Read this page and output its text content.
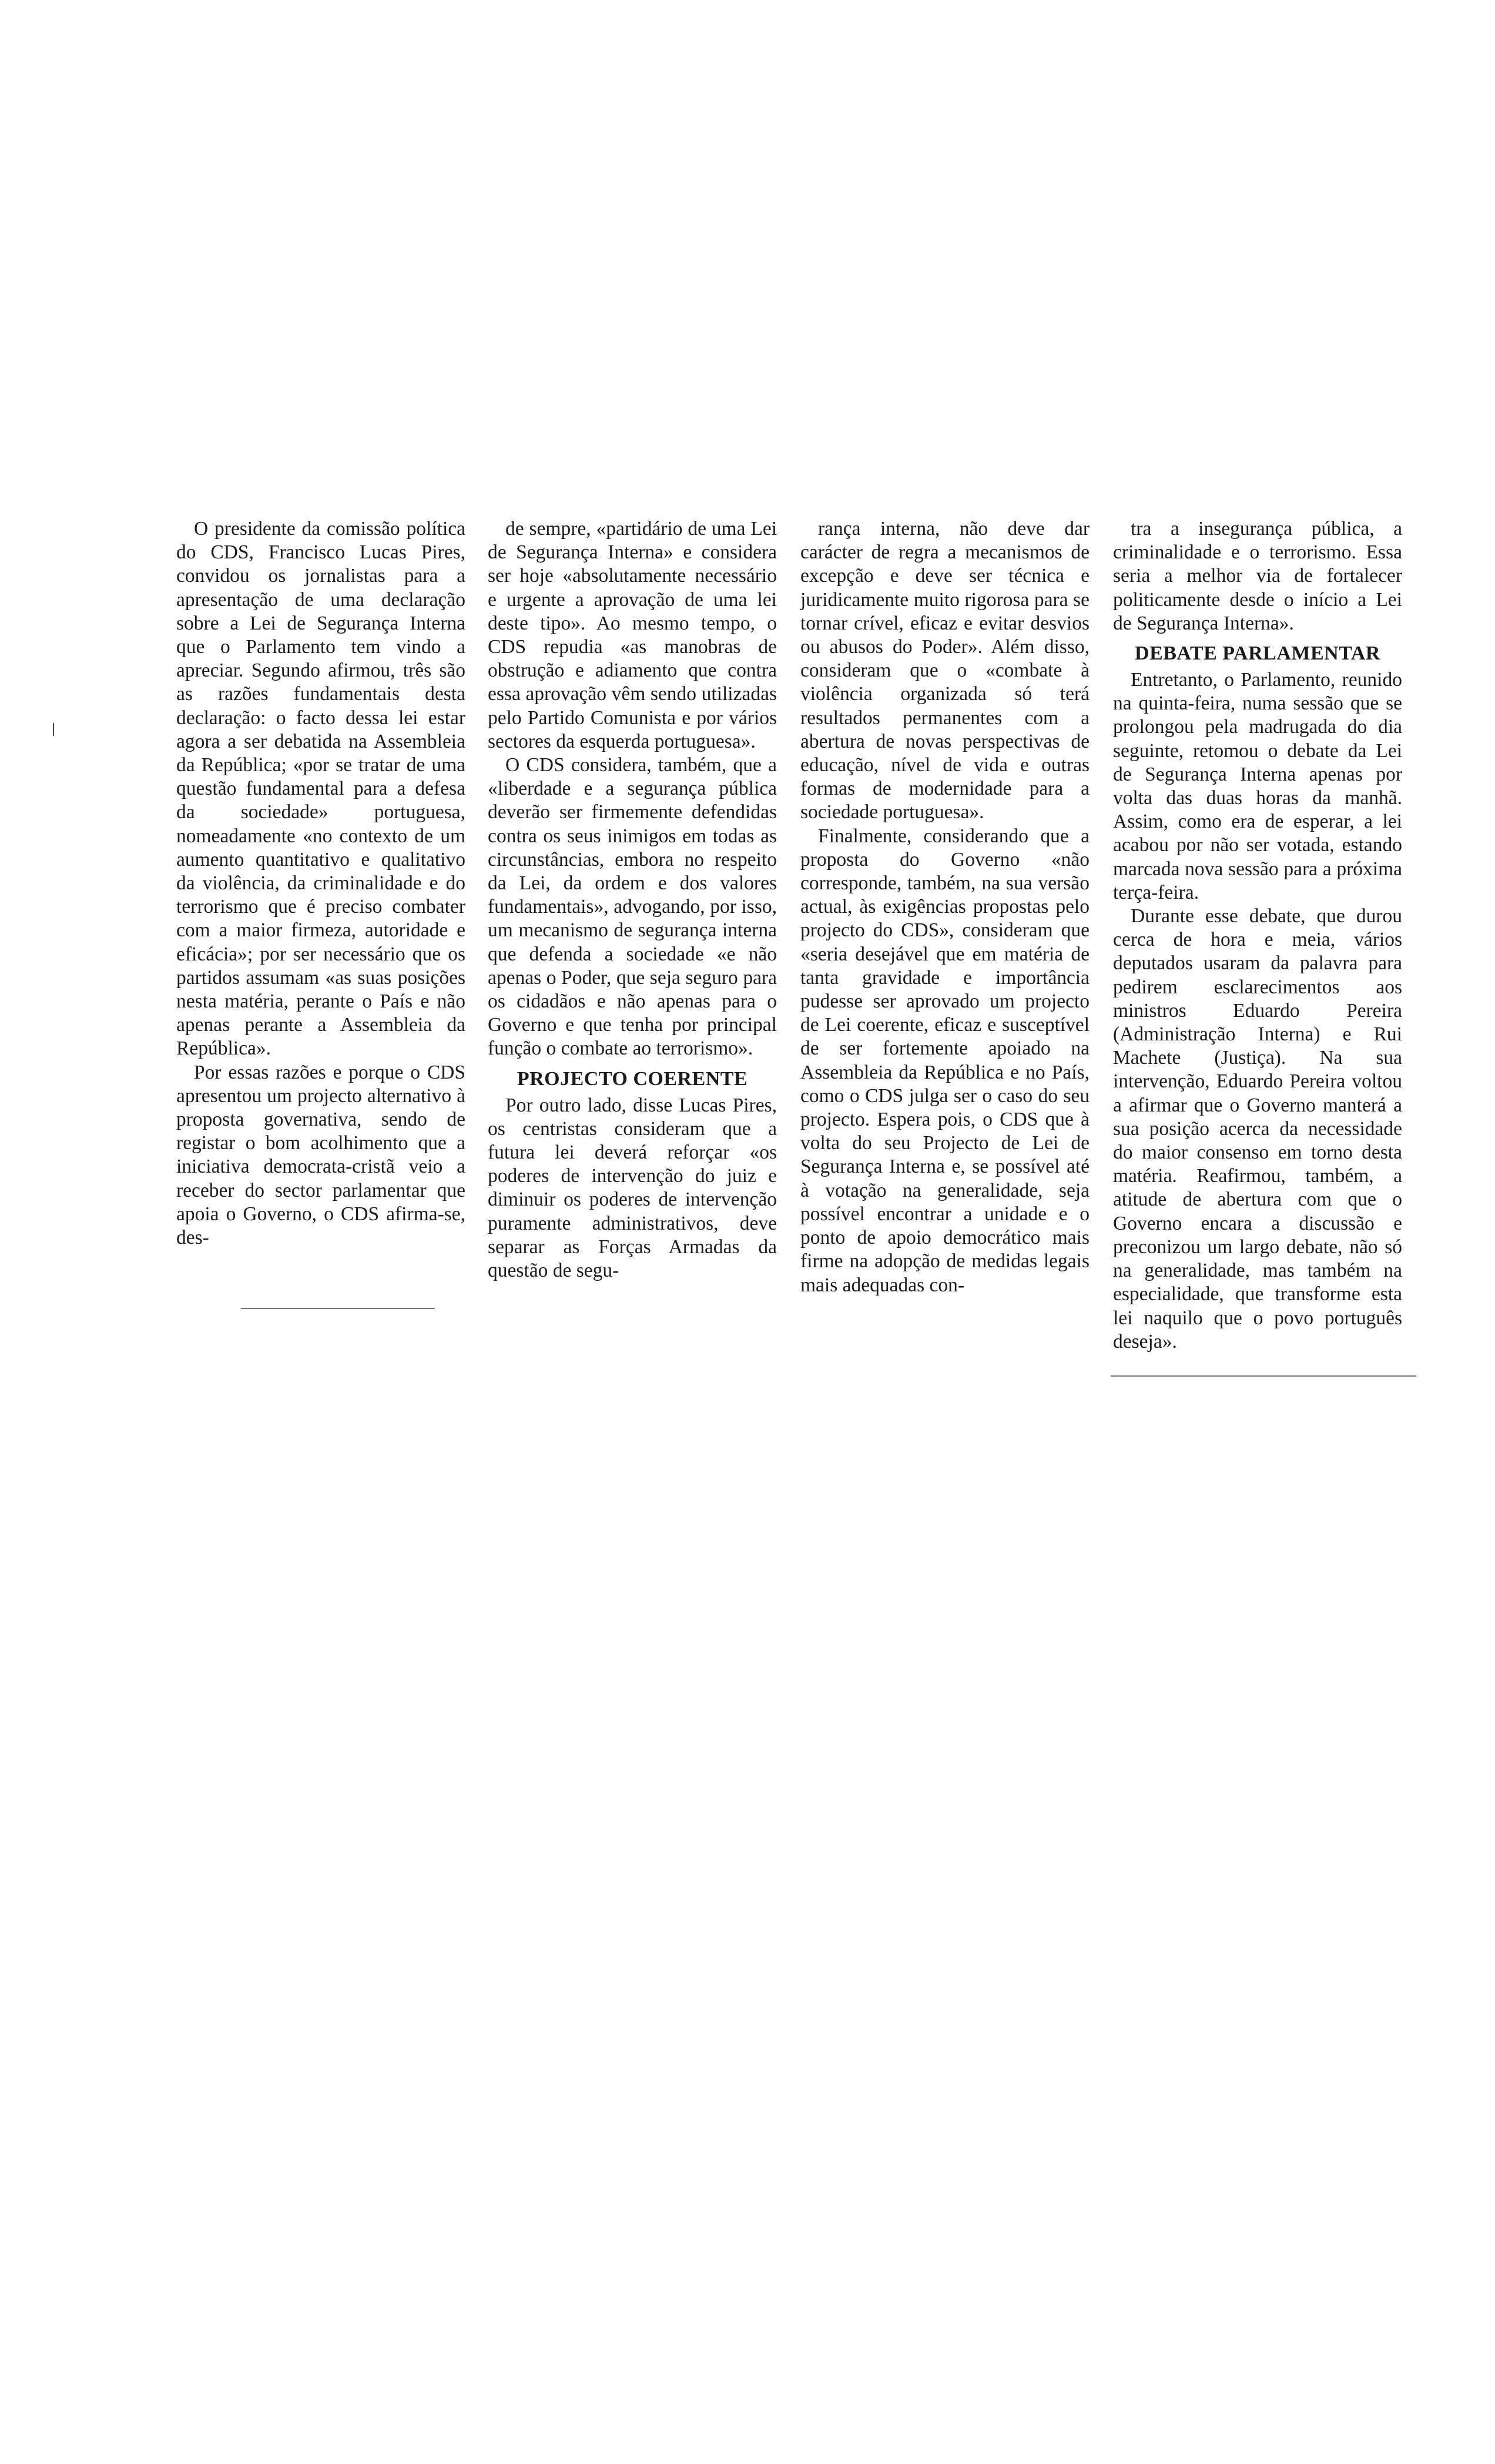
O presidente da comissão política do CDS, Francisco Lucas Pires, convidou os jornalistas para a apresentação de uma declaração sobre a Lei de Segurança Interna que o Parlamento tem vindo a apreciar. Segundo afirmou, três são as razões fundamentais desta declaração: o facto dessa lei estar agora a ser debatida na Assembleia da República; «por se tratar de uma questão fundamental para a defesa da sociedade» portuguesa, nomeadamente «no contexto de um aumento quantitativo e qualitativo da violência, da criminalidade e do terrorismo que é preciso combater com a maior firmeza, autoridade e eficácia»; por ser necessário que os partidos assumam «as suas posições nesta matéria, perante o País e não apenas perante a Assembleia da República».

Por essas razões e porque o CDS apresentou um projecto alternativo à proposta governativa, sendo de registar o bom acolhimento que a iniciativa democrata-cristã veio a receber do sector parlamentar que apoia o Governo, o CDS afirma-se, des-

de sempre, «partidário de uma Lei de Segurança Interna» e considera ser hoje «absolutamente necessário e urgente a aprovação de uma lei deste tipo». Ao mesmo tempo, o CDS repudia «as manobras de obstrução e adiamento que contra essa aprovação vêm sendo utilizadas pelo Partido Comunista e por vários sectores da esquerda portuguesa».

O CDS considera, também, que a «liberdade e a segurança pública deverão ser firmemente defendidas contra os seus inimigos em todas as circunstâncias, embora no respeito da Lei, da ordem e dos valores fundamentais», advogando, por isso, um mecanismo de segurança interna que defenda a sociedade «e não apenas o Poder, que seja seguro para os cidadãos e não apenas para o Governo e que tenha por principal função o combate ao terrorismo».

PROJECTO COERENTE

Por outro lado, disse Lucas Pires, os centristas consideram que a futura lei deverá reforçar «os poderes de intervenção do juiz e diminuir os poderes de intervenção puramente administrativos, deve separar as Forças Armadas da questão de segu-

rança interna, não deve dar carácter de regra a mecanismos de excepção e deve ser técnica e juridicamente muito rigorosa para se tornar crível, eficaz e evitar desvios ou abusos do Poder». Além disso, consideram que o «combate à violência organizada só terá resultados permanentes com a abertura de novas perspectivas de educação, nível de vida e outras formas de modernidade para a sociedade portuguesa».

Finalmente, considerando que a proposta do Governo «não corresponde, também, na sua versão actual, às exigências propostas pelo projecto do CDS», consideram que «seria desejável que em matéria de tanta gravidade e importância pudesse ser aprovado um projecto de Lei coerente, eficaz e susceptível de ser fortemente apoiado na Assembleia da República e no País, como o CDS julga ser o caso do seu projecto. Espera pois, o CDS que à volta do seu Projecto de Lei de Segurança Interna e, se possível até à votação na generalidade, seja possível encontrar a unidade e o ponto de apoio democrático mais firme na adopção de medidas legais mais adequadas con-

tra a insegurança pública, a criminalidade e o terrorismo. Essa seria a melhor via de fortalecer politicamente desde o início a Lei de Segurança Interna».

DEBATE PARLAMENTAR

Entretanto, o Parlamento, reunido na quinta-feira, numa sessão que se prolongou pela madrugada do dia seguinte, retomou o debate da Lei de Segurança Interna apenas por volta das duas horas da manhã. Assim, como era de esperar, a lei acabou por não ser votada, estando marcada nova sessão para a próxima terça-feira.

Durante esse debate, que durou cerca de hora e meia, vários deputados usaram da palavra para pedirem esclarecimentos aos ministros Eduardo Pereira (Administração Interna) e Rui Machete (Justiça). Na sua intervenção, Eduardo Pereira voltou a afirmar que o Governo manterá a sua posição acerca da necessidade do maior consenso em torno desta matéria. Reafirmou, também, a atitude de abertura com que o Governo encara a discussão e preconizou um largo debate, não só na generalidade, mas também na especialidade, que transforme esta lei naquilo que o povo português deseja».
